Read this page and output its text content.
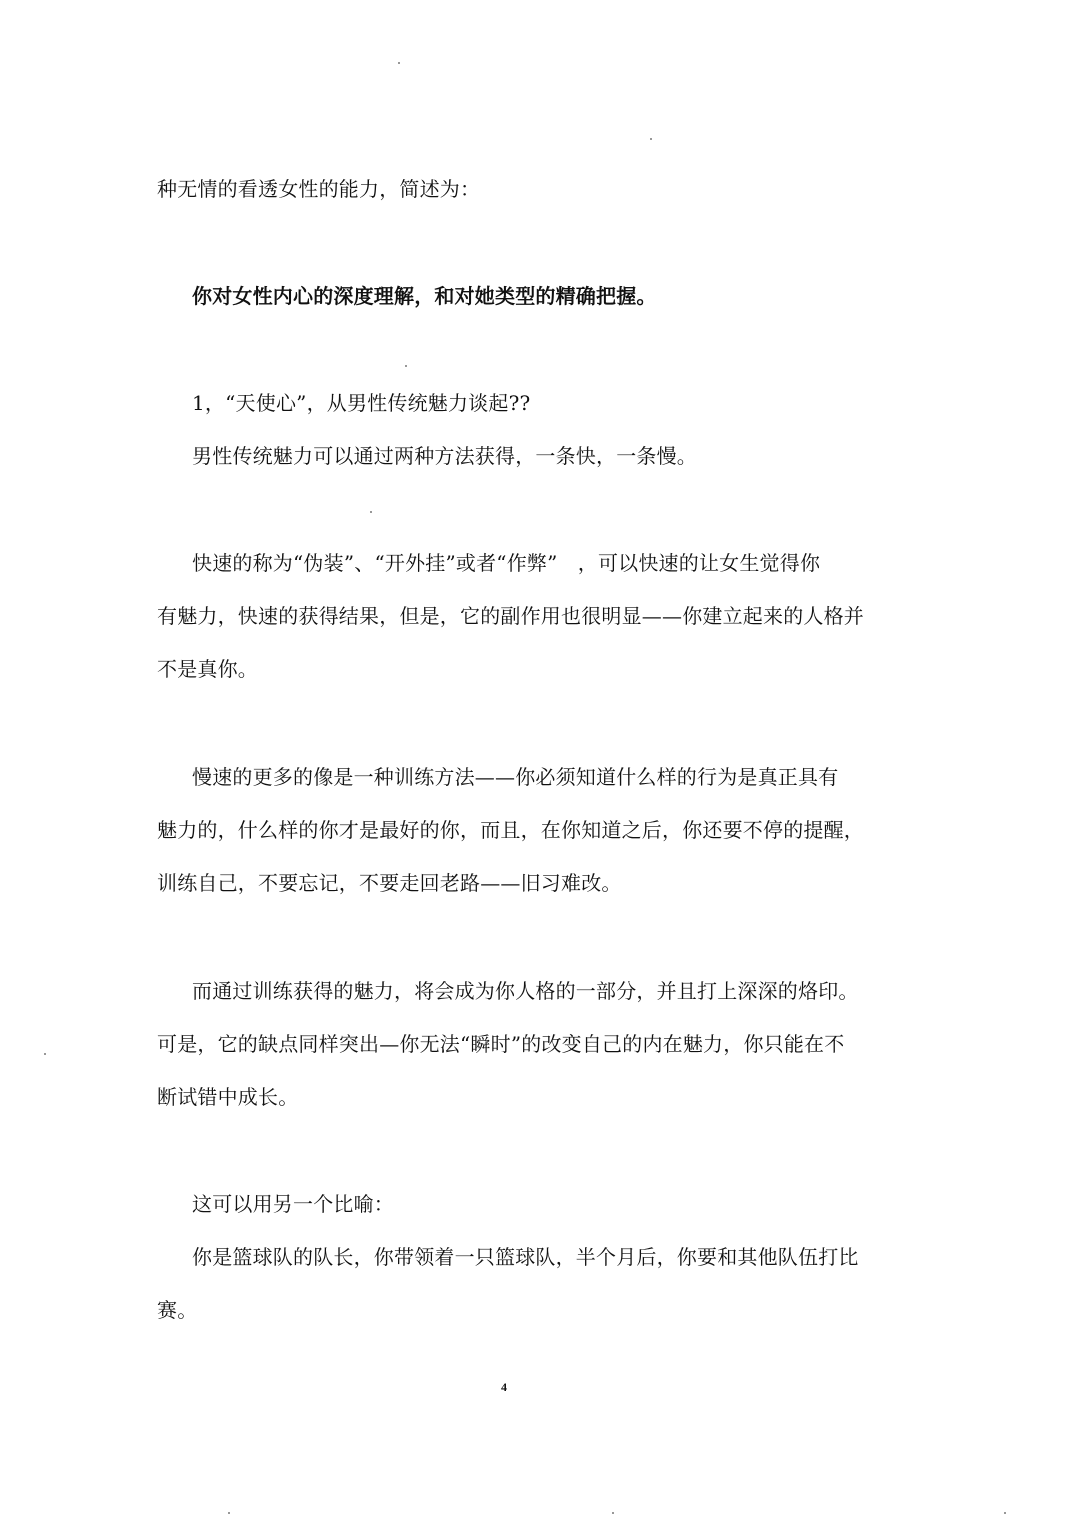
种无情的看透女性的能力，简述为：

你对女性内心的深度理解，和对她类型的精确把握。

1，“天使心”，从男性传统魅力谈起??

男性传统魅力可以通过两种方法获得，一条快，一条慢。

快速的称为“伪装”、“开外挂”或者“作弊”　，可以快速的让女生觉得你

有魅力，快速的获得结果，但是，它的副作用也很明显——你建立起来的人格并

不是真你。

慢速的更多的像是一种训练方法——你必须知道什么样的行为是真正具有

魅力的，什么样的你才是最好的你，而且，在你知道之后，你还要不停的提醒，

训练自己，不要忘记，不要走回老路——旧习难改。

而通过训练获得的魅力，将会成为你人格的一部分，并且打上深深的烙印。

可是，它的缺点同样突出—你无法“瞬时”的改变自己的内在魅力，你只能在不

断试错中成长。

这可以用另一个比喻：

你是篮球队的队长，你带领着一只篮球队，半个月后，你要和其他队伍打比

赛。

4
